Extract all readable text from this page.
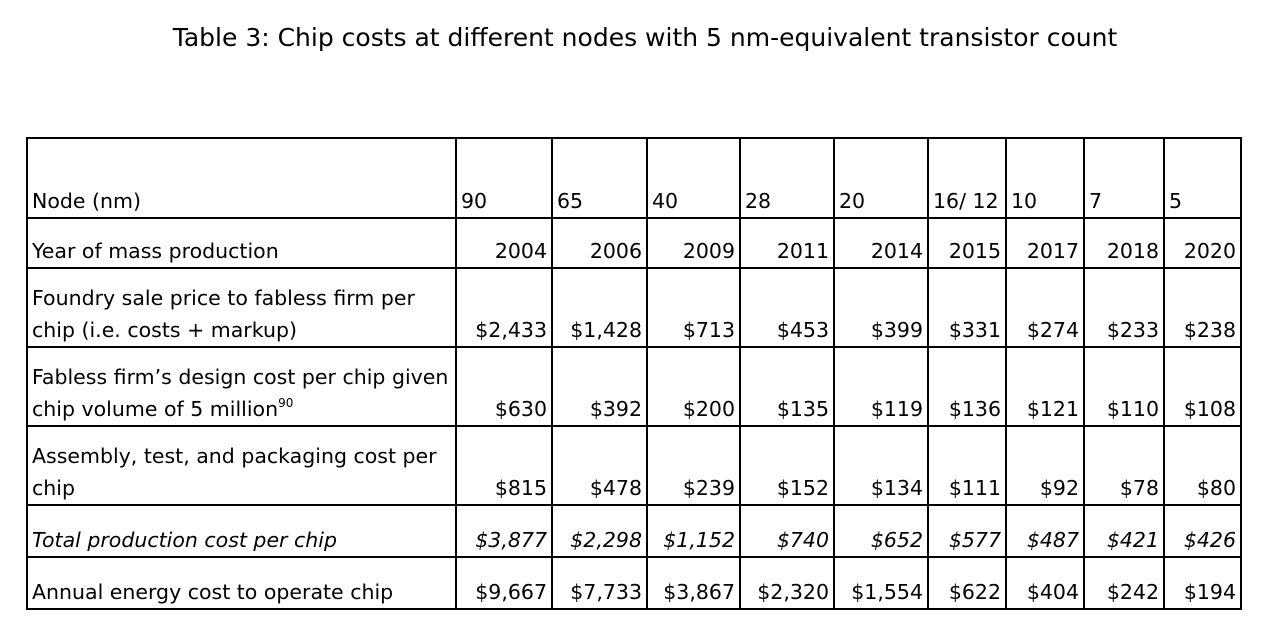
Table 3: Chip costs at different nodes with 5 nm-equivalent transistor count
Node (nm)	90	65	40	28	20	16/ 12	10	7	5
Year of mass production	2004	2006	2009	2011	2014	2015	2017	2018	2020
Foundry sale price to fabless firm per chip (i.e. costs + markup)	$2,433	$1,428	$713	$453	$399	$331	$274	$233	$238
Fabless firm’s design cost per chip given chip volume of 5 million$^{90}$	$630	$392	$200	$135	$119	$136	$121	$110	$108
Assembly, test, and packaging cost per chip	$815	$478	$239	$152	$134	$111	$92	$78	$80
Total production cost per chip	$3,877	$2,298	$1,152	$740	$652	$577	$487	$421	$426
Annual energy cost to operate chip	$9,667	$7,733	$3,867	$2,320	$1,554	$622	$404	$242	$194
